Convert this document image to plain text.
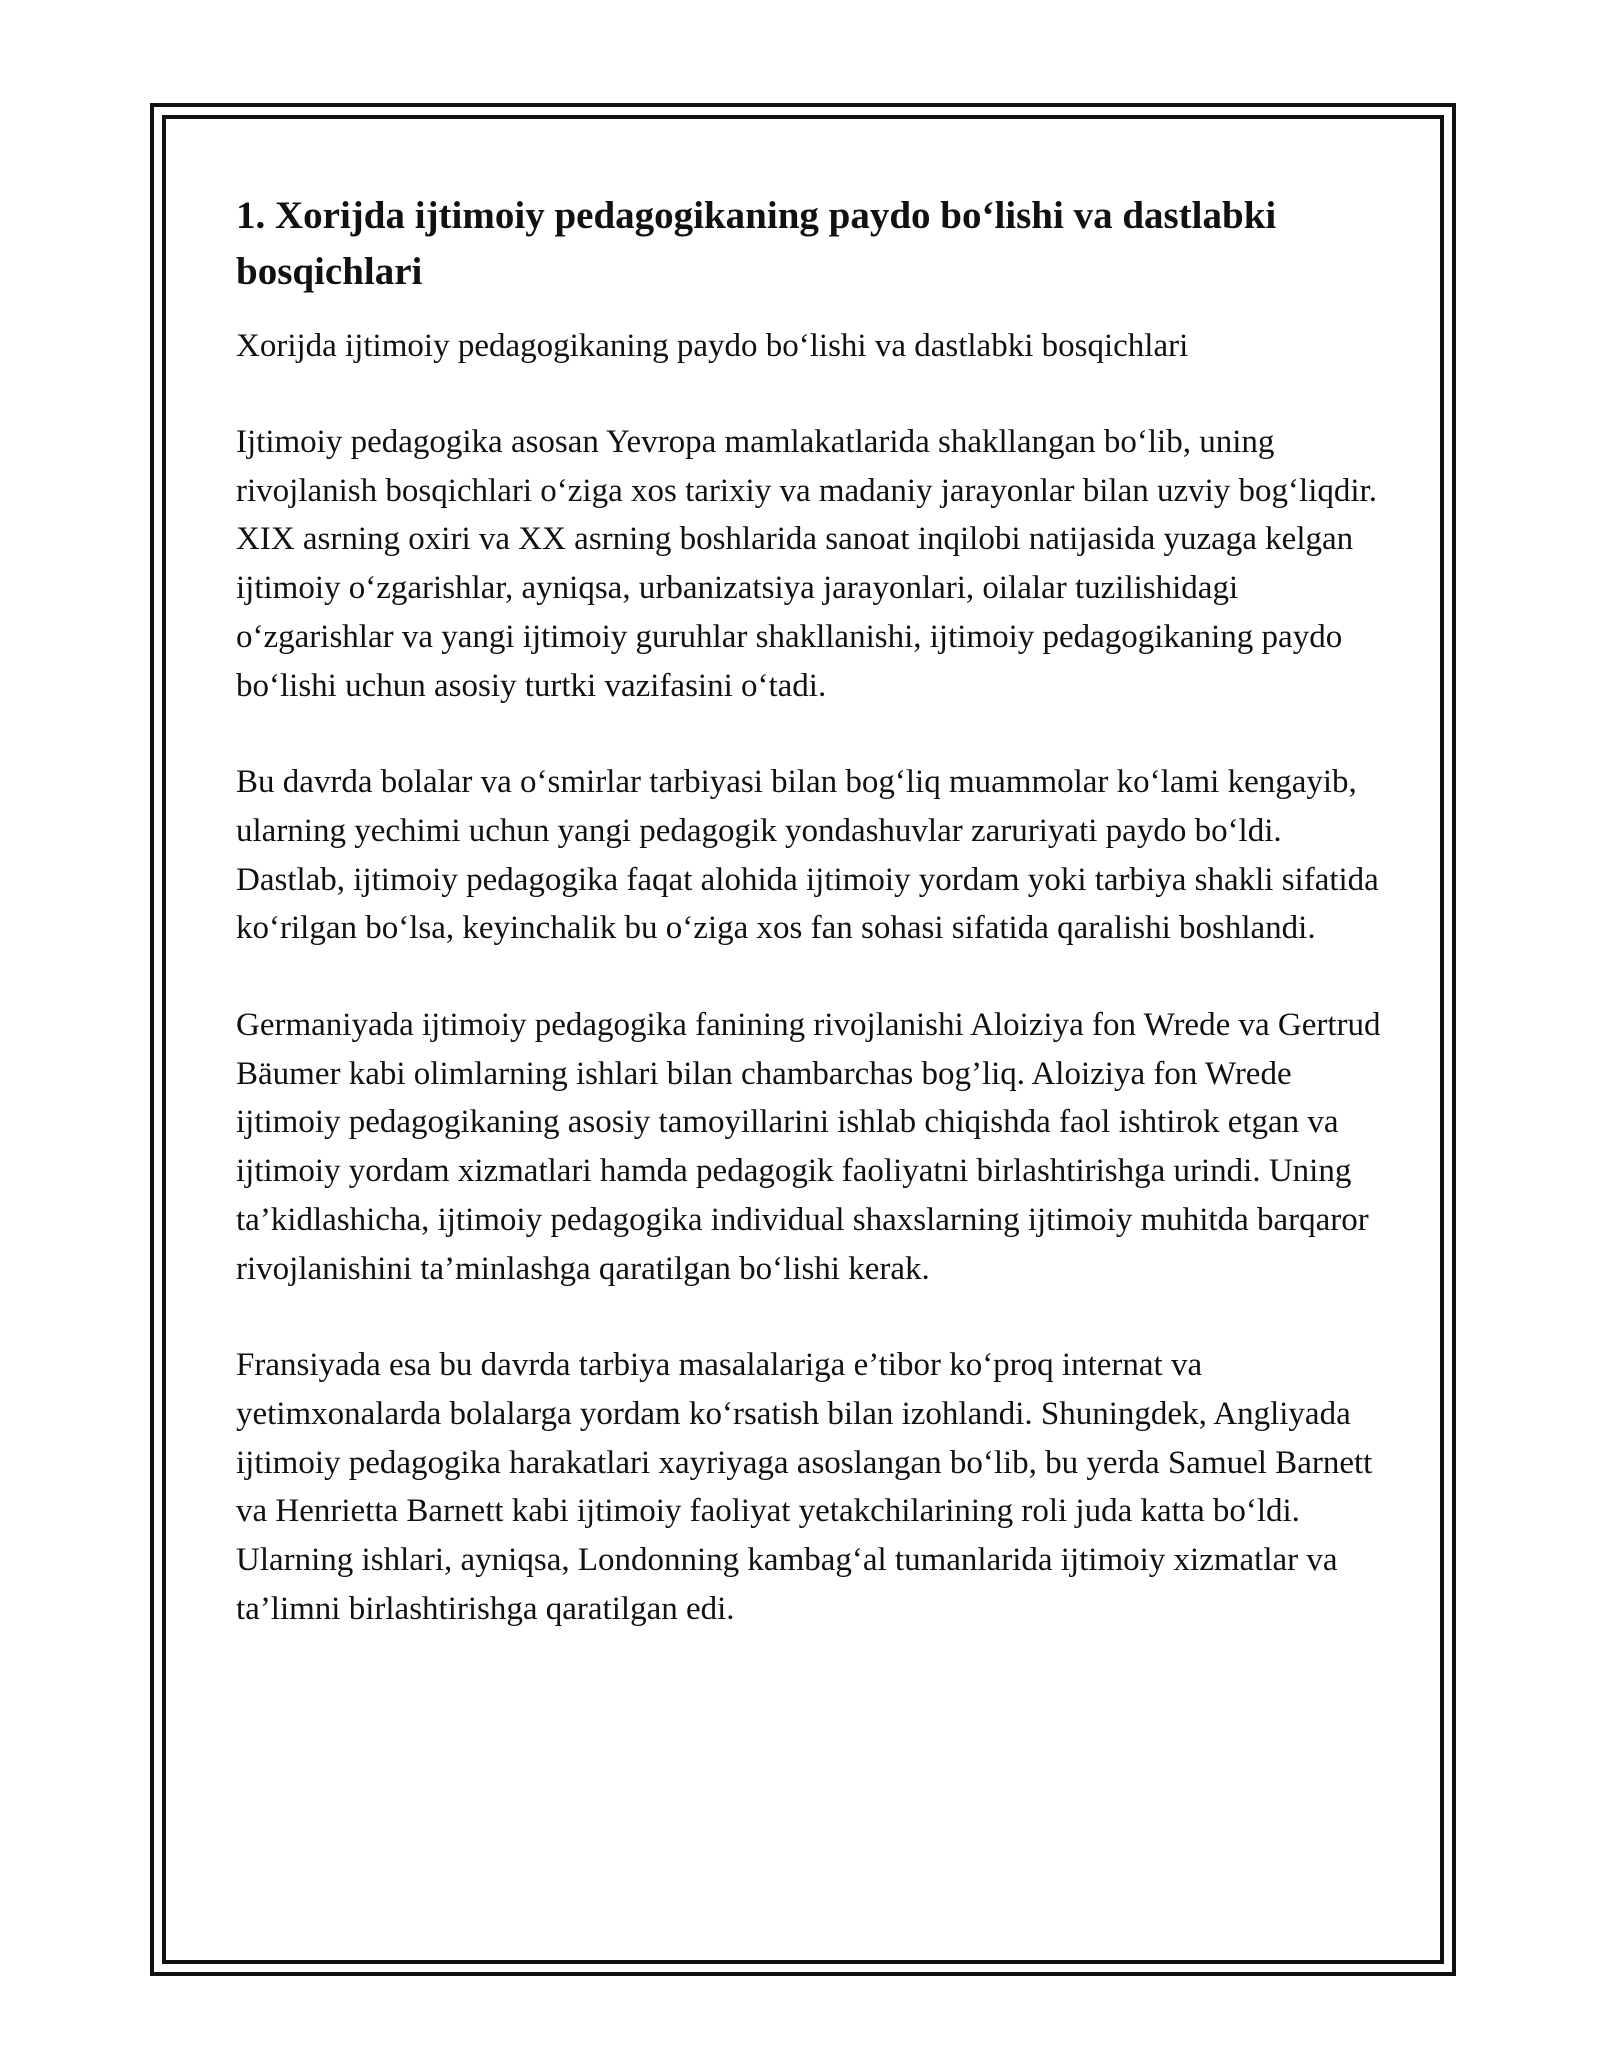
1. Xorijda ijtimoiy pedagogikaning paydo bo‘lishi va dastlabki bosqichlari

Xorijda ijtimoiy pedagogikaning paydo bo‘lishi va dastlabki bosqichlari

Ijtimoiy pedagogika asosan Yevropa mamlakatlarida shakllangan bo‘lib, uning rivojlanish bosqichlari o‘ziga xos tarixiy va madaniy jarayonlar bilan uzviy bog‘liqdir. XIX asrning oxiri va XX asrning boshlarida sanoat inqilobi natijasida yuzaga kelgan ijtimoiy o‘zgarishlar, ayniqsa, urbanizatsiya jarayonlari, oilalar tuzilishidagi o‘zgarishlar va yangi ijtimoiy guruhlar shakllanishi, ijtimoiy pedagogikaning paydo bo‘lishi uchun asosiy turtki vazifasini o‘tadi.

Bu davrda bolalar va o‘smirlar tarbiyasi bilan bog‘liq muammolar ko‘lami kengayib, ularning yechimi uchun yangi pedagogik yondashuvlar zaruriyati paydo bo‘ldi. Dastlab, ijtimoiy pedagogika faqat alohida ijtimoiy yordam yoki tarbiya shakli sifatida ko‘rilgan bo‘lsa, keyinchalik bu o‘ziga xos fan sohasi sifatida qaralishi boshlandi.

Germaniyada ijtimoiy pedagogika fanining rivojlanishi Aloiziya fon Wrede va Gertrud Bäumer kabi olimlarning ishlari bilan chambarchas bog’liq. Aloiziya fon Wrede ijtimoiy pedagogikaning asosiy tamoyillarini ishlab chiqishda faol ishtirok etgan va ijtimoiy yordam xizmatlari hamda pedagogik faoliyatni birlashtirishga urindi. Uning ta’kidlashicha, ijtimoiy pedagogika individual shaxslarning ijtimoiy muhitda barqaror rivojlanishini ta’minlashga qaratilgan bo‘lishi kerak.

Fransiyada esa bu davrda tarbiya masalalariga e’tibor ko‘proq internat va yetimxonalarda bolalarga yordam ko‘rsatish bilan izohlandi. Shuningdek, Angliyada ijtimoiy pedagogika harakatlari xayriyaga asoslangan bo‘lib, bu yerda Samuel Barnett va Henrietta Barnett kabi ijtimoiy faoliyat yetakchilarining roli juda katta bo‘ldi. Ularning ishlari, ayniqsa, Londonning kambag‘al tumanlarida ijtimoiy xizmatlar va ta’limni birlashtirishga qaratilgan edi.
